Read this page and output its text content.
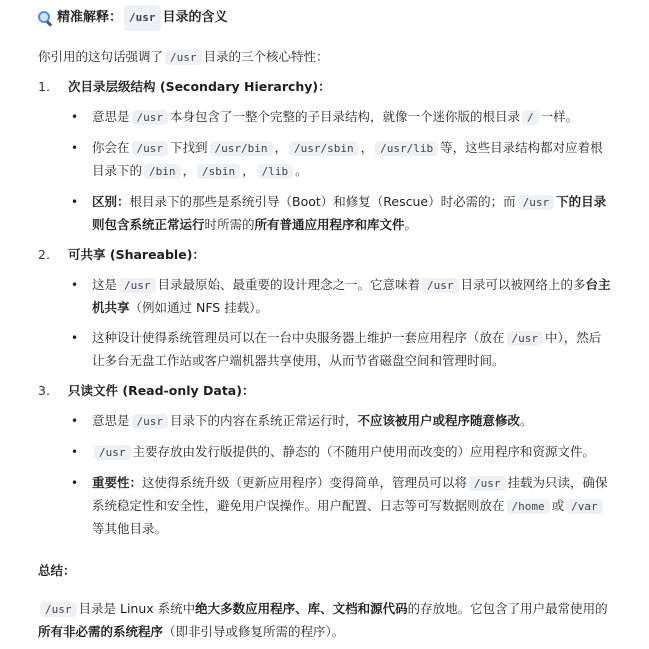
精准解释： /usr 目录的含义

你引用的这句话强调了 /usr 目录的三个核心特性：

1.	次目录层级结构 (Secondary Hierarchy)：
• 意思是 /usr 本身包含了一整个完整的子目录结构，就像一个迷你版的根目录 / 一样。
• 你会在 /usr 下找到 /usr/bin ， /usr/sbin ， /usr/lib 等，这些目录结构都对应着根目录下的 /bin ， /sbin ， /lib 。
• 区别：根目录下的那些是系统引导（Boot）和修复（Rescue）时必需的；而 /usr 下的目录则包含系统正常运行时所需的所有普通应用程序和库文件。
2.	可共享 (Shareable)：
• 这是 /usr 目录最原始、最重要的设计理念之一。它意味着 /usr 目录可以被网络上的多台主机共享（例如通过 NFS 挂载）。
• 这种设计使得系统管理员可以在一台中央服务器上维护一套应用程序（放在 /usr 中），然后让多台无盘工作站或客户端机器共享使用，从而节省磁盘空间和管理时间。
3.	只读文件 (Read-only Data)：
• 意思是 /usr 目录下的内容在系统正常运行时，不应该被用户或程序随意修改。
• /usr 主要存放由发行版提供的、静态的（不随用户使用而改变的）应用程序和资源文件。
• 重要性：这使得系统升级（更新应用程序）变得简单，管理员可以将 /usr 挂载为只读，确保系统稳定性和安全性，避免用户误操作。用户配置、日志等可写数据则放在 /home 或 /var等其他目录。

总结：

/usr 目录是 Linux 系统中绝大多数应用程序、库、文档和源代码的存放地。它包含了用户最常使用的所有非必需的系统程序（即非引导或修复所需的程序）。
